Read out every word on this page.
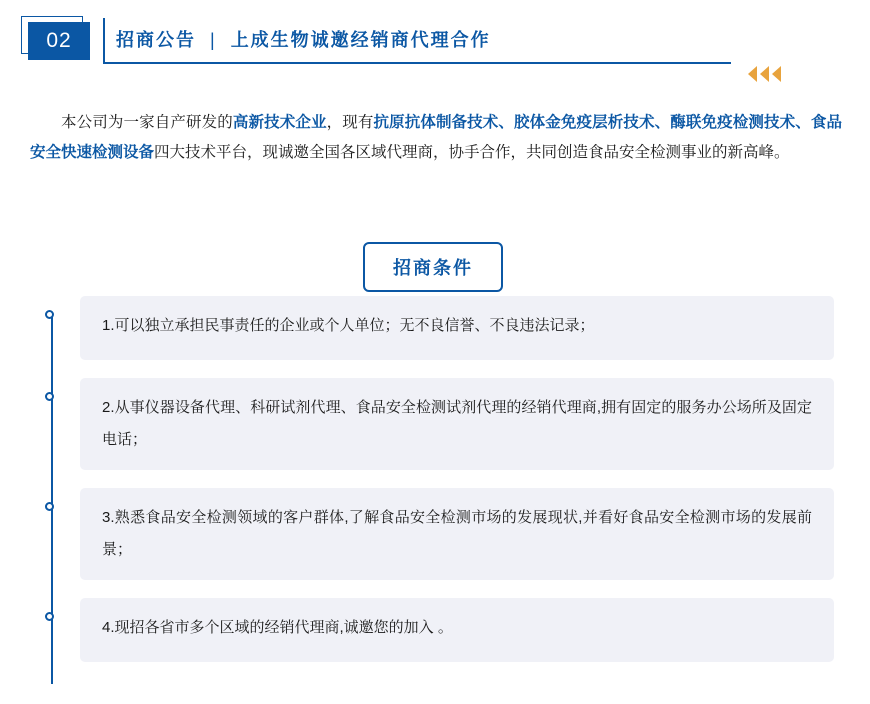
02	招商公告 | 上成生物诚邀经销商代理合作
本公司为一家自产研发的高新技术企业，现有抗原抗体制备技术、胶体金免疫层析技术、酶联免疫检测技术、食品安全快速检测设备四大技术平台，现诚邀全国各区域代理商，协手合作，共同创造食品安全检测事业的新高峰。
招商条件
1.可以独立承担民事责任的企业或个人单位；无不良信誉、不良违法记录；
2.从事仪器设备代理、科研试剂代理、食品安全检测试剂代理的经销代理商,拥有固定的服务办公场所及固定电话；
3.熟悉食品安全检测领域的客户群体,了解食品安全检测市场的发展现状,并看好食品安全检测市场的发展前景；
4.现招各省市多个区域的经销代理商,诚邀您的加入 。
